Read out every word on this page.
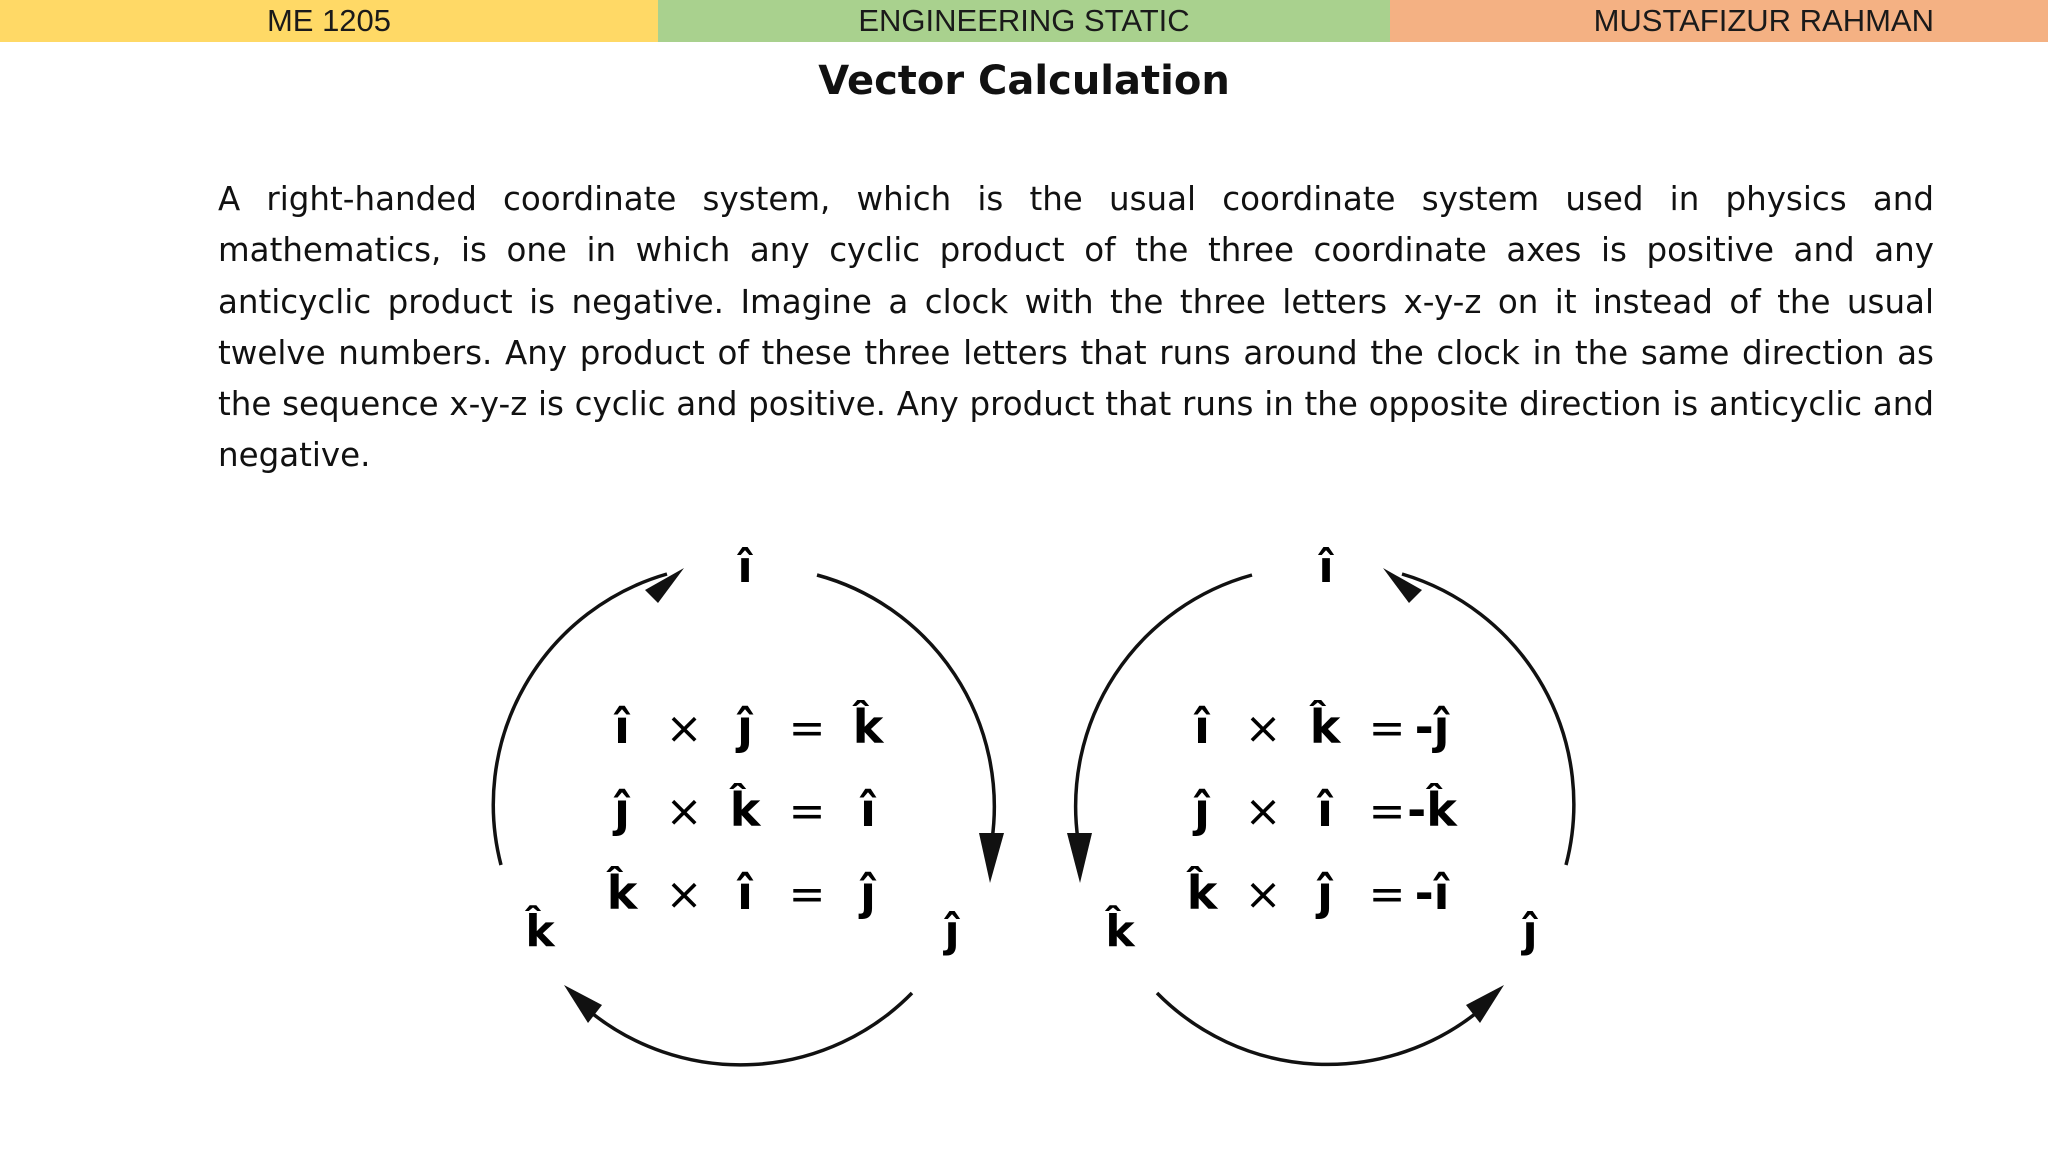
ME 1205	ENGINEERING STATIC	MUSTAFIZUR RAHMAN
Vector Calculation

A right-handed coordinate system, which is the usual coordinate system used in physics and mathematics, is one in which any cyclic product of the three coordinate axes is positive and any anticyclic product is negative. Imagine a clock with the three letters x-y-z on it instead of the usual twelve numbers. Any product of these three letters that runs around the clock in the same direction as the sequence x-y-z is cyclic and positive. Any product that runs in the opposite direction is anticyclic and negative.

î
k̂	ĵ
î × ĵ = k̂
ĵ × k̂ = î
k̂ × î = ĵ
î
k̂	ĵ
î × k̂ = -ĵ
ĵ × î = -k̂
k̂ × ĵ = -î
